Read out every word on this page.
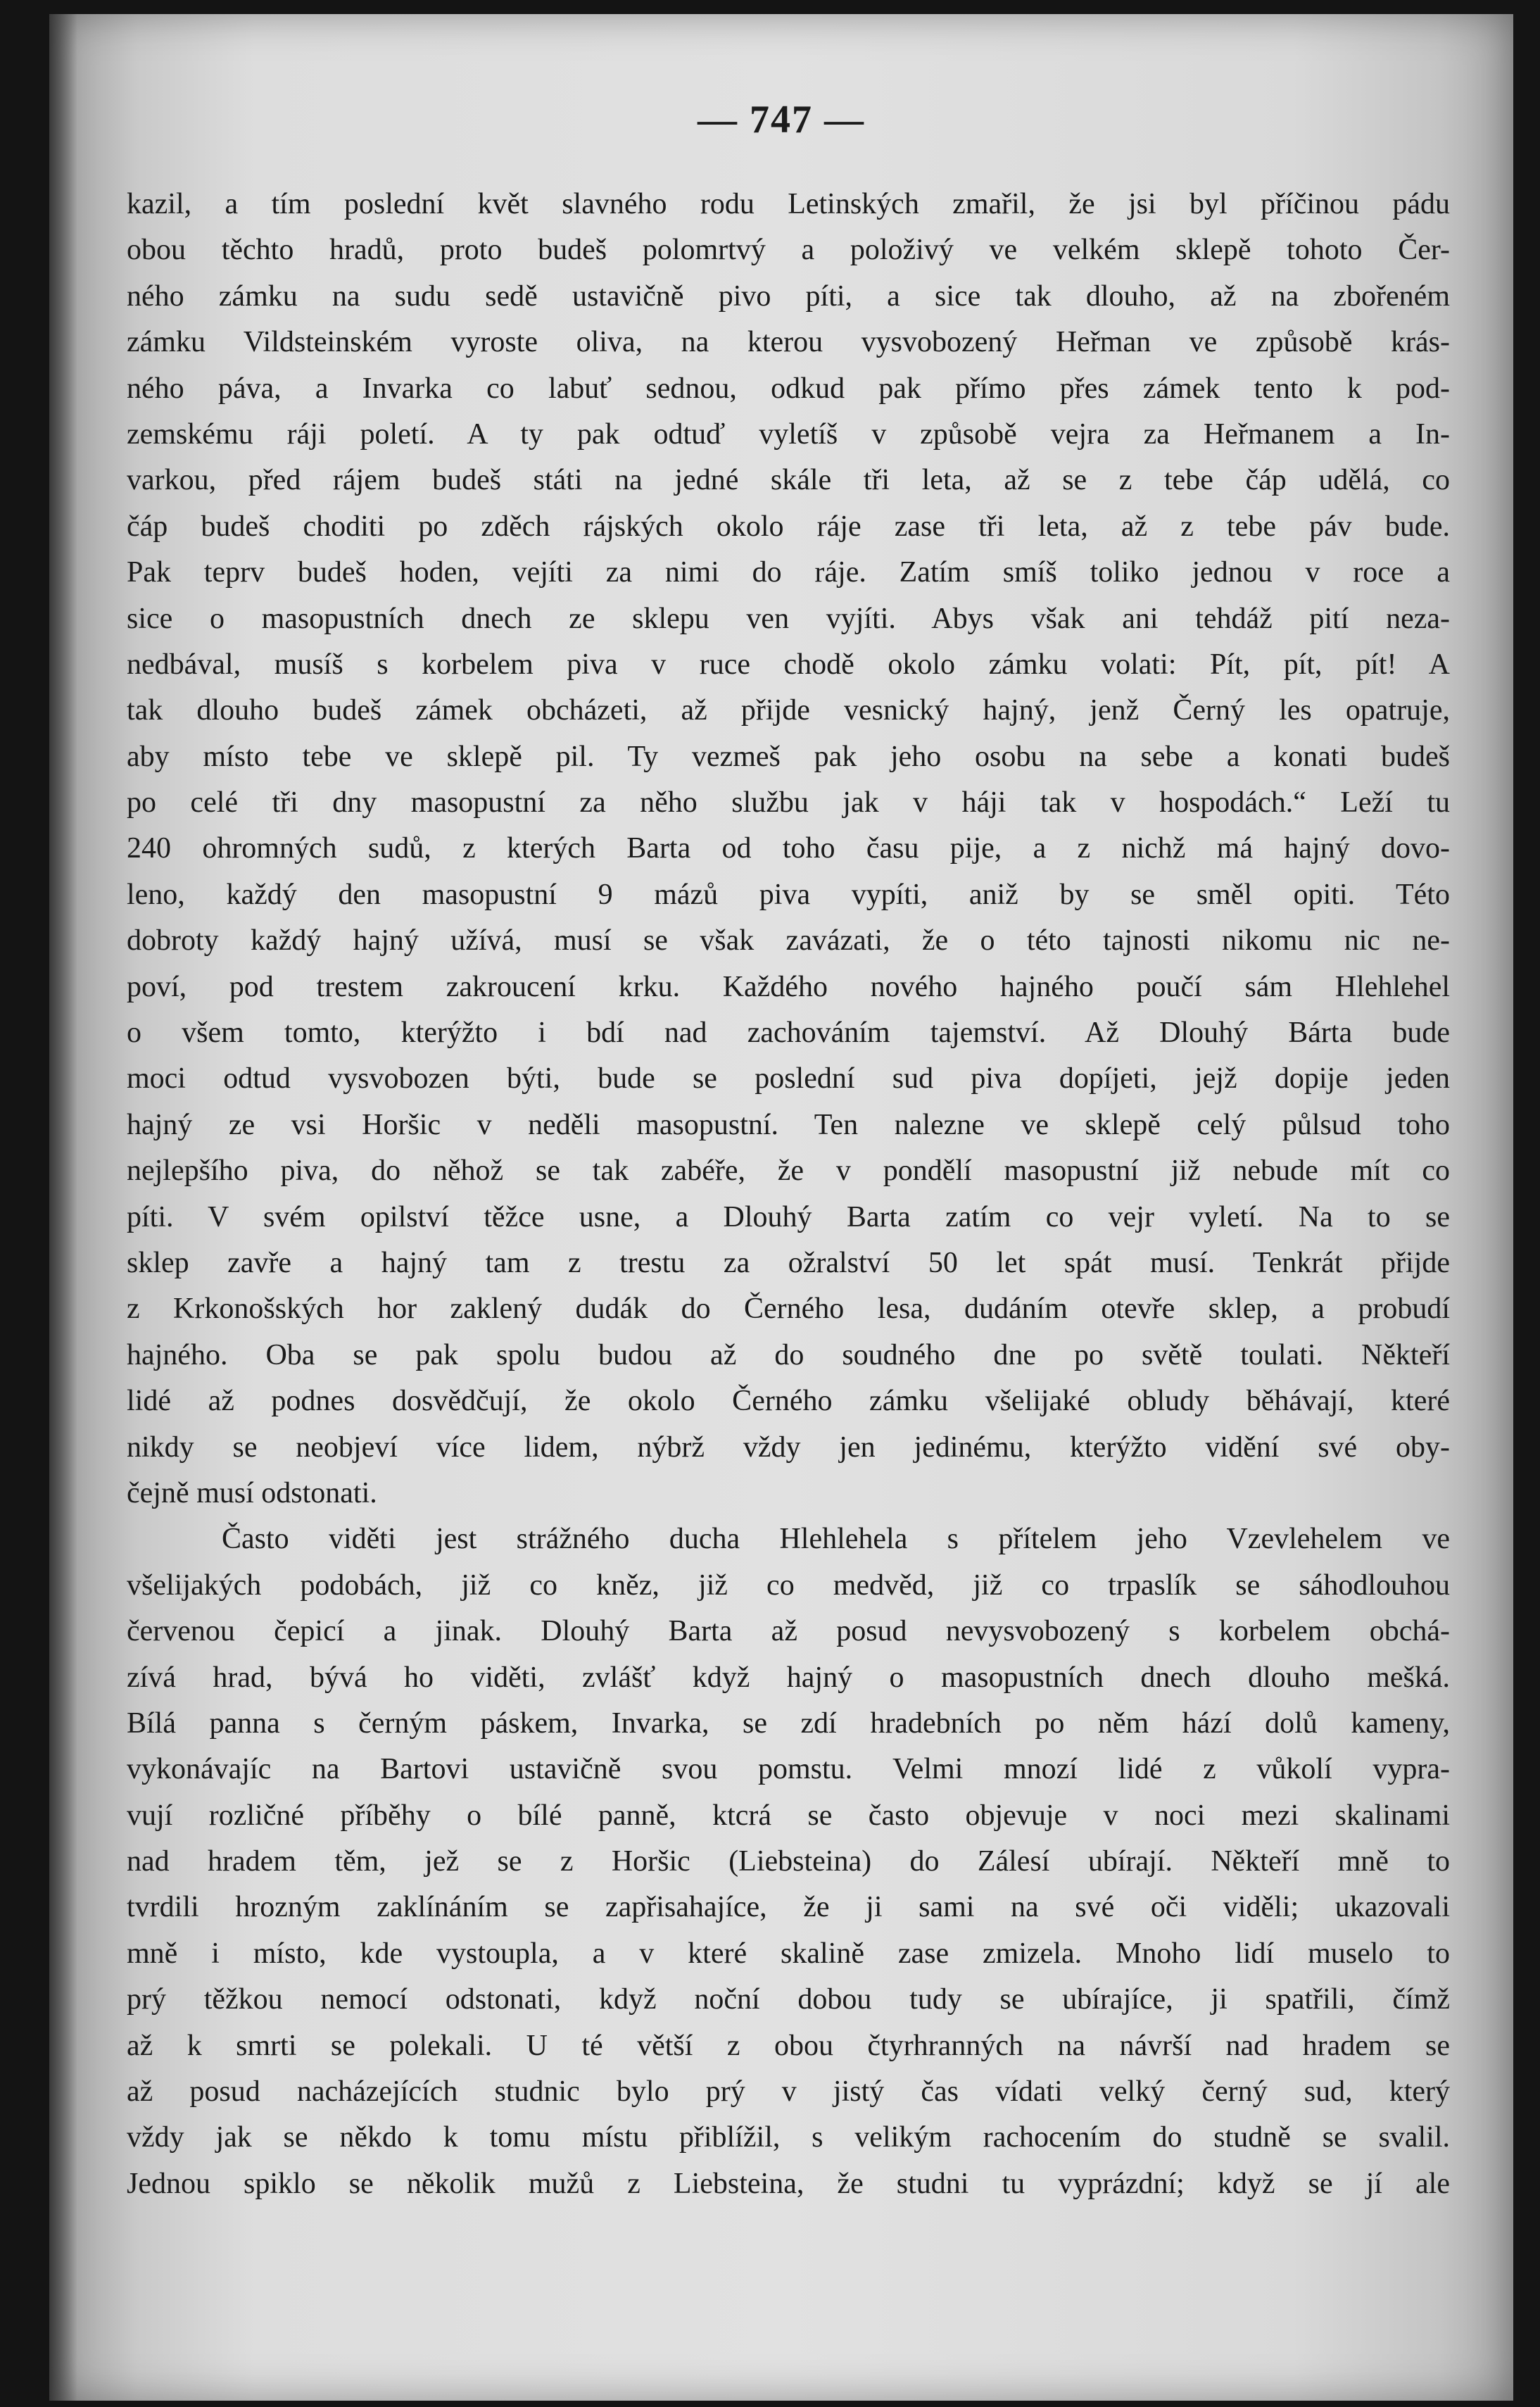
— 747 —
kazil, a tím poslední květ slavného rodu Letinských zmařil, že jsi byl příčinou pádu
obou těchto hradů, proto budeš polomrtvý a položivý ve velkém sklepě tohoto Čer-
ného zámku na sudu sedě ustavičně pivo píti, a sice tak dlouho, až na zbořeném
zámku Vildsteinském vyroste oliva, na kterou vysvobozený Heřman ve způsobě krás-
ného páva, a Invarka co labuť sednou, odkud pak přímo přes zámek tento k pod-
zemskému ráji poletí. A ty pak odtuď vyletíš v způsobě vejra za Heřmanem a In-
varkou, před rájem budeš státi na jedné skále tři leta, až se z tebe čáp udělá, co
čáp budeš choditi po zděch rájských okolo ráje zase tři leta, až z tebe páv bude.
Pak teprv budeš hoden, vejíti za nimi do ráje. Zatím smíš toliko jednou v roce a
sice o masopustních dnech ze sklepu ven vyjíti. Abys však ani tehdáž pití neza-
nedbával, musíš s korbelem piva v ruce chodě okolo zámku volati: Pít, pít, pít! A
tak dlouho budeš zámek obcházeti, až přijde vesnický hajný, jenž Černý les opatruje,
aby místo tebe ve sklepě pil. Ty vezmeš pak jeho osobu na sebe a konati budeš
po celé tři dny masopustní za něho službu jak v háji tak v hospodách.“ Leží tu
240 ohromných sudů, z kterých Barta od toho času pije, a z nichž má hajný dovo-
leno, každý den masopustní 9 mázů piva vypíti, aniž by se směl opiti. Této
dobroty každý hajný užívá, musí se však zavázati, že o této tajnosti nikomu nic ne-
poví, pod trestem zakroucení krku. Každého nového hajného poučí sám Hlehlehel
o všem tomto, kterýžto i bdí nad zachováním tajemství. Až Dlouhý Bárta bude
moci odtud vysvobozen býti, bude se poslední sud piva dopíjeti, jejž dopije jeden
hajný ze vsi Horšic v neděli masopustní. Ten nalezne ve sklepě celý půlsud toho
nejlepšího piva, do něhož se tak zabéře, že v pondělí masopustní již nebude mít co
píti. V svém opilství těžce usne, a Dlouhý Barta zatím co vejr vyletí. Na to se
sklep zavře a hajný tam z trestu za ožralství 50 let spát musí. Tenkrát přijde
z Krkonošských hor zaklený dudák do Černého lesa, dudáním otevře sklep, a probudí
hajného. Oba se pak spolu budou až do soudného dne po světě toulati. Někteří
lidé až podnes dosvědčují, že okolo Černého zámku všelijaké obludy běhávají, které
nikdy se neobjeví více lidem, nýbrž vždy jen jedinému, kterýžto vidění své oby-
čejně musí odstonati.
Často viděti jest strážného ducha Hlehlehela s přítelem jeho Vzevlehelem ve
všelijakých podobách, již co kněz, již co medvěd, již co trpaslík se sáhodlouhou
červenou čepicí a jinak. Dlouhý Barta až posud nevysvobozený s korbelem obchá-
zívá hrad, bývá ho viděti, zvlášť když hajný o masopustních dnech dlouho mešká.
Bílá panna s černým páskem, Invarka, se zdí hradebních po něm hází dolů kameny,
vykonávajíc na Bartovi ustavičně svou pomstu. Velmi mnozí lidé z vůkolí vypra-
vují rozličné příběhy o bílé panně, ktcrá se často objevuje v noci mezi skalinami
nad hradem těm, jež se z Horšic (Liebsteina) do Zálesí ubírají. Někteří mně to
tvrdili hrozným zaklínáním se zapřisahajíce, že ji sami na své oči viděli; ukazovali
mně i místo, kde vystoupla, a v které skalině zase zmizela. Mnoho lidí muselo to
prý těžkou nemocí odstonati, když noční dobou tudy se ubírajíce, ji spatřili, čímž
až k smrti se polekali. U té větší z obou čtyrhranných na návrší nad hradem se
až posud nacházejících studnic bylo prý v jistý čas vídati velký černý sud, který
vždy jak se někdo k tomu místu přiblížil, s velikým rachocením do studně se svalil.
Jednou spiklo se několik mužů z Liebsteina, že studni tu vyprázdní; když se jí ale
